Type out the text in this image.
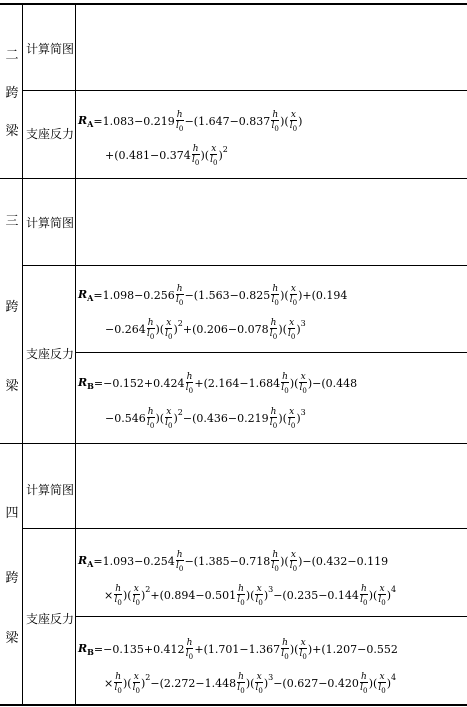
二
跨
梁
三
跨
梁
四
跨
梁
计算简图
支座反力
计算简图
支座反力
计算简图
支座反力
$R_A=1.083-0.219 \frac{h}{l_0} -(1.647-0.837 \frac{h}{l_0}$ )( $\frac{x}{l_0}$ )
$+(0.481-0.374 \frac{h}{l_0}$ )( $\frac{x}{l_0} )2$
$R_A=1.098-0.256 \frac{h}{l_0} -(1.563-0.825 \frac{h}{l_0}$ )( $\frac{x}{l_0} )+(0.194$
$-0.264 \frac{h}{l_0}$ )( $\frac{x}{l_0} )2+(0.206-0.078 \frac{h}{l_0}$ )( $\frac{x}{l_0} )3$
$R_B=-0.152+0.424 \frac{h}{l_0} +(2.164-1.684 \frac{h}{l_0}$ )( $\frac{x}{l_0} )-(0.448$
$-0.546 \frac{h}{l_0}$ )( $\frac{x}{l_0} )2-(0.436-0.219 \frac{h}{l_0}$ )( $\frac{x}{l_0} )3$
$R_A=1.093-0.254 \frac{h}{l_0} -(1.385-0.718 \frac{h}{l_0}$ )( $\frac{x}{l_0} )-(0.432-0.119$
× $\frac{h}{l_0}$ )( $\frac{x}{l_0} )2+(0.894-0.501 \frac{h}{l_0}$ )( $\frac{x}{l_0} )3-(0.235-0.144 \frac{h}{l_0}$ )( $\frac{x}{l_0} )4$
$R_B=-0.135+0.412 \frac{h}{l_0} +(1.701-1.367 \frac{h}{l_0}$ )( $\frac{x}{l_0} )+(1.207-0.552$
× $\frac{h}{l_0}$ )( $\frac{x}{l_0} )2-(2.272-1.448 \frac{h}{l_0}$ )( $\frac{x}{l_0} )3-(0.627-0.420 \frac{h}{l_0}$ )( $\frac{x}{l_0} )4$
